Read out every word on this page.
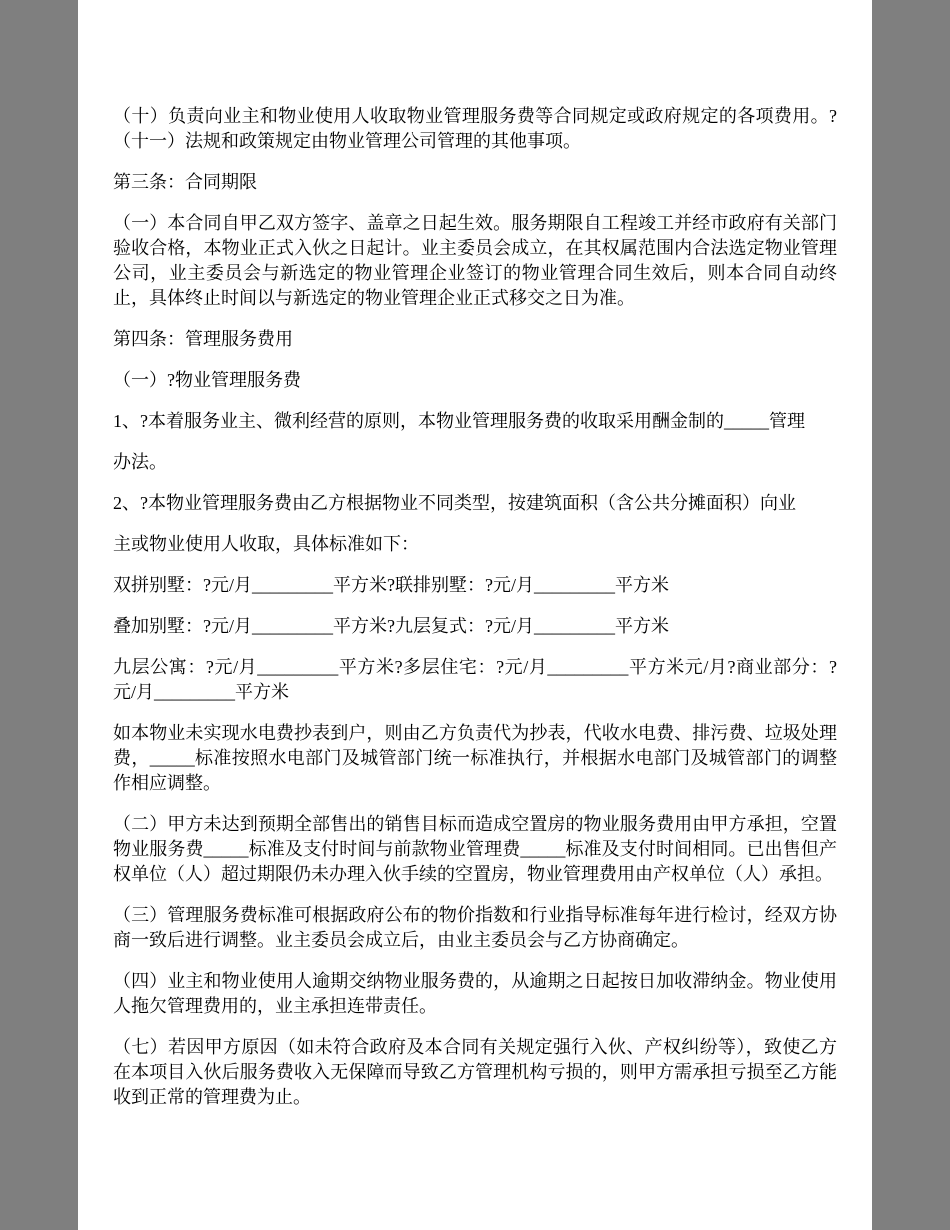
（十）负责向业主和物业使用人收取物业管理服务费等合同规定或政府规定的各项费用。?（十一）法规和政策规定由物业管理公司管理的其他事项。

第三条：合同期限

（一）本合同自甲乙双方签字、盖章之日起生效。服务期限自工程竣工并经市政府有关部门验收合格，本物业正式入伙之日起计。业主委员会成立，在其权属范围内合法选定物业管理公司，业主委员会与新选定的物业管理企业签订的物业管理合同生效后，则本合同自动终止，具体终止时间以与新选定的物业管理企业正式移交之日为准。

第四条：管理服务费用

（一）?物业管理服务费

1、?本着服务业主、微利经营的原则，本物业管理服务费的收取采用酬金制的_____管理

办法。

2、?本物业管理服务费由乙方根据物业不同类型，按建筑面积（含公共分摊面积）向业

主或物业使用人收取，具体标准如下：

双拼别墅：?元/月_________平方米?联排别墅：?元/月_________平方米

叠加别墅：?元/月_________平方米?九层复式：?元/月_________平方米

九层公寓：?元/月_________平方米?多层住宅：?元/月_________平方米元/月?商业部分：?元/月_________平方米

如本物业未实现水电费抄表到户，则由乙方负责代为抄表，代收水电费、排污费、垃圾处理费，_____标准按照水电部门及城管部门统一标准执行，并根据水电部门及城管部门的调整作相应调整。

（二）甲方未达到预期全部售出的销售目标而造成空置房的物业服务费用由甲方承担，空置物业服务费_____标准及支付时间与前款物业管理费_____标准及支付时间相同。已出售但产权单位（人）超过期限仍未办理入伙手续的空置房，物业管理费用由产权单位（人）承担。

（三）管理服务费标准可根据政府公布的物价指数和行业指导标准每年进行检讨，经双方协商一致后进行调整。业主委员会成立后，由业主委员会与乙方协商确定。

（四）业主和物业使用人逾期交纳物业服务费的，从逾期之日起按日加收滞纳金。物业使用人拖欠管理费用的，业主承担连带责任。

（七）若因甲方原因（如未符合政府及本合同有关规定强行入伙、产权纠纷等），致使乙方在本项目入伙后服务费收入无保障而导致乙方管理机构亏损的，则甲方需承担亏损至乙方能收到正常的管理费为止。
